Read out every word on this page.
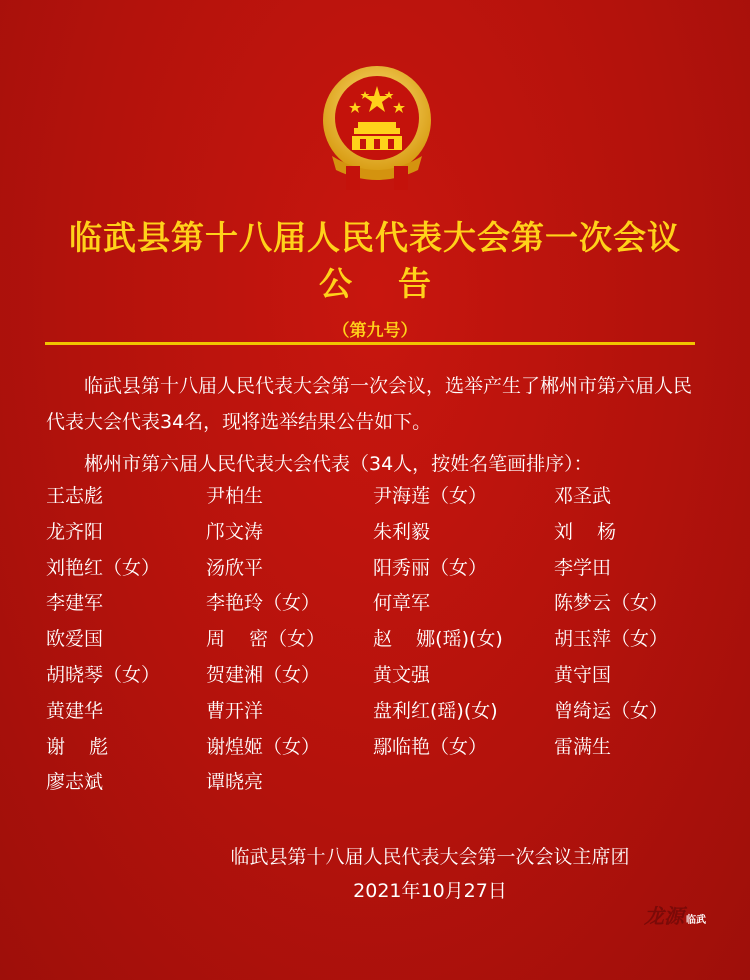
临武县第十八届人民代表大会第一次会议
公告
（第九号）
临武县第十八届人民代表大会第一次会议，选举产生了郴州市第六届人民代表大会代表34名，现将选举结果公告如下。
郴州市第六届人民代表大会代表（34人，按姓名笔画排序）：
王志彪	尹柏生	尹海莲（女）	邓圣武
龙齐阳	邝文涛	朱利毅	刘    杨
刘艳红（女） 汤欣平	阳秀丽（女）	李学田
李建军	李艳玲（女）	何章军	陈梦云（女）
欧爱国	周    密（女）	赵    娜(瑶)(女)	胡玉萍（女）
胡晓琴（女） 贺建湘（女）	黄文强	黄守国
黄建华	曹开洋	盘利红(瑶)(女)	曾绮运（女）
谢    彪	谢煌姬（女）	鄢临艳（女）	雷满生
廖志斌	谭晓亮
临武县第十八届人民代表大会第一次会议主席团
2021年10月27日
龙源 临武
